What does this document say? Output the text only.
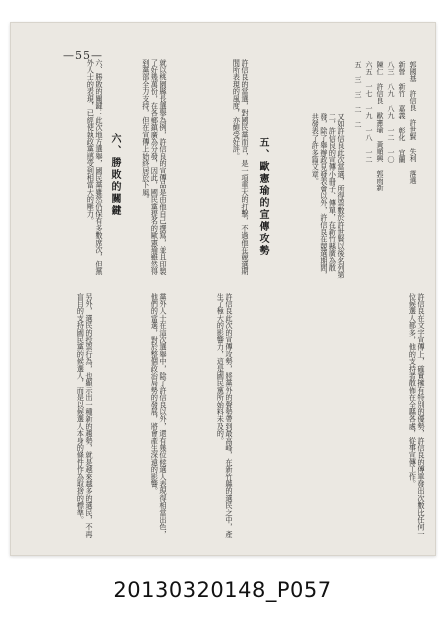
—55—
郭國基 許信良 許世賢 失利 落選
新營 新竹 嘉義 彰化 宜蘭
八三 八九 八九 一二 一〇
陳仁 許信良 歐憲瑜 黃順興 郭雨新
六五 一七 一九 一八 一二
五 三 三 二 二
五、歐憲瑜的宣傳攻勢	又如許信良此次當選，所得票數於許世賢以後名列第二，許信良的宣傳小冊子、傳單，在新竹縣廣為散發，除了舉辦政見發表會以外，許信良在競選期間，共發表了許多篇文章。
許信良的當選，對國民黨而言，是一項重大的打擊，不過他在競選期間所表現的風度，亦頗受好評。
許信良在文字宣傳上，確實擁有特別的優勢，許信良的傳單發出次數比任何一位候選人都多，他的支持者散佈在全縣各處，從事宣傳工作。
許信良此次的宣傳攻勢，將黨外的聲勢帶到最高峰，在新竹縣的選民之中，產生了極大的影響力，這是國民黨所始料未及的。
六、勝敗的關鍵	就以桃園縣長選舉為例，許信良的宣傳品是由他自己撰寫，並且印製了好幾萬份，在各鄉鎮廣為分發，因此，國民黨提名的歐憲瑜雖然得到黨部全力支持，但在宣傳上始終居於下風。
六、勝敗的關鍵：此次地方選舉，國民黨雖然仍保有多數席次，但黨外人士的表現，已經使執政黨感受到相當大的壓力。
黨外人士在這次選舉中，除了許信良以外，還有幾位候選人表現得相當出色，他們的當選，對於整個政治局勢的發展，將會產生深遠的影響。
另外，選民的投票行為，也顯示出一種新的趨勢，就是越來越多的選民，不再盲目的支持國民黨的候選人，而是以候選人本身的條件作為取捨的標準。
20130320148_P057
